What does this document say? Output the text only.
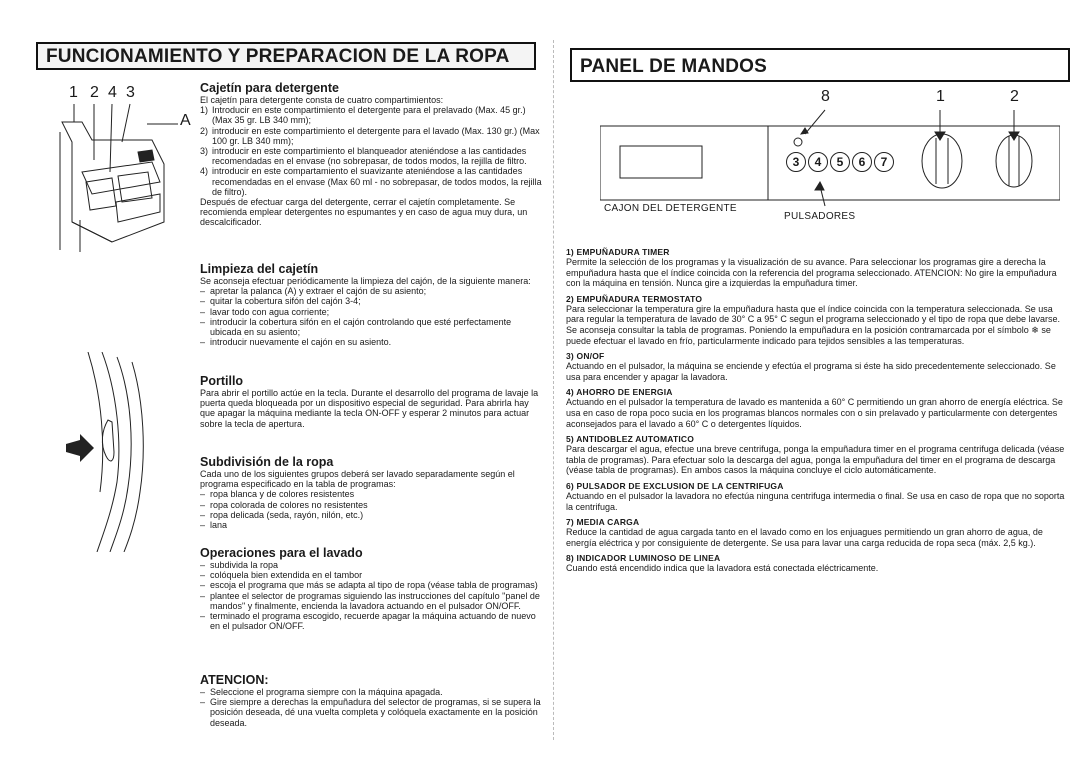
FUNCIONAMIENTO Y PREPARACION DE LA ROPA
1 2 4 3
A
Cajetín para detergente
El cajetín para detergente consta de cuatro compartimientos:
1) Introducir en este compartimiento el detergente para el prelavado (Max. 45 gr.) (Max 35 gr. LB 340 mm);
2) introducir en este compartimiento el detergente para el lavado (Max. 130 gr.) (Max 100 gr. LB 340 mm);
3) introducir en este compartimiento el blanqueador ateniéndose a las cantidades recomendadas en el envase (no sobrepasar, de todos modos, la rejilla de filtro.
4) introducir en este compartamiento el suavizante ateniéndose a las cantidades recomendadas en el envase (Max 60 ml - no sobrepasar, de todos modos, la rejilla de filtro).
Después de efectuar carga del detergente, cerrar el cajetín completamente. Se recomienda emplear detergentes no espumantes y en caso de agua muy dura, un descalcificador.
Limpieza del cajetín
Se aconseja efectuar periódicamente la limpieza del cajón, de la siguiente manera:
– apretar la palanca (A) y extraer el cajón de su asiento;
– quitar la cobertura sifón del cajón 3-4;
– lavar todo con agua corriente;
– introducir la cobertura sifón en el cajón controlando que esté perfectamente ubicada en su asiento;
– introducir nuevamente el cajón en su asiento.
Portillo
Para abrir el portillo actúe en la tecla. Durante el desarrollo del programa de lavaje la puerta queda bloqueada por un dispositivo especial de seguridad. Para abrirla hay que apagar la máquina mediante la tecla ON-OFF y esperar 2 minutos para actuar sobre la tecla de apertura.
Subdivisión de la ropa
Cada uno de los siguientes grupos deberá ser lavado separadamente según el programa especificado en la tabla de programas:
– ropa blanca y de colores resistentes
– ropa colorada de colores no resistentes
– ropa delicada (seda, rayón, nilón, etc.)
– lana
Operaciones para el lavado
– subdivida la ropa
– colóquela bien extendida en el tambor
– escoja el programa que más se adapta al tipo de ropa (véase tabla de programas)
– plantee el selector de programas siguiendo las instrucciones del capítulo "panel de mandos" y finalmente, encienda la lavadora actuando en el pulsador ON/OFF.
– terminado el programa escogido, recuerde apagar la máquina actuando de nuevo en el pulsador ON/OFF.
ATENCION:
– Seleccione el programa siempre con la máquina apagada.
– Gire siempre a derechas la empuñadura del selector de programas, si se supera la posición deseada, dé una vuelta completa y colóquela exactamente en la posición deseada.
PANEL DE MANDOS
8	1	2
3	4	5	6	7
CAJON DEL DETERGENTE
PULSADORES
1) EMPUÑADURA TIMER
Permite la selección de los programas y la visualización de su avance. Para seleccionar los programas gire a derecha la empuñadura hasta que el índice coincida con la referencia del programa seleccionado. ATENCION: No gire la empuñadura con la máquina en tensión. Nunca gire a izquierdas la empuñadura timer.
2) EMPUÑADURA TERMOSTATO
Para seleccionar la temperatura gire la empuñadura hasta que el índice coincida con la temperatura seleccionada. Se usa para regular la temperatura de lavado de 30° C a 95° C segun el programa seleccionado y el tipo de ropa que debe lavarse. Se aconseja consultar la tabla de programas. Poniendo la empuñadura en la posición contramarcada por el símbolo ❄ se puede efectuar el lavado en frío, particularmente indicado para tejidos sensibles a las temperaturas.
3) ON/OF
Actuando en el pulsador, la máquina se enciende y efectúa el programa si éste ha sido precedentemente seleccionado. Se usa para encender y apagar la lavadora.
4) AHORRO DE ENERGIA
Actuando en el pulsador la temperatura de lavado es mantenida a 60° C permitiendo un gran ahorro de energía eléctrica. Se usa en caso de ropa poco sucia en los programas blancos normales con o sin prelavado y particularmente con detergentes aconsejados para el lavado a 60° C o detergentes líquidos.
5) ANTIDOBLEZ AUTOMATICO
Para descargar el agua, efectue una breve centrifuga, ponga la empuñadura timer en el programa centrifuga delicada (véase tabla de programas). Para efectuar solo la descarga del agua, ponga la empuñadura del timer en el programa de descarga (véase tabla de programas). En ambos casos la máquina concluye el ciclo automáticamente.
6) PULSADOR DE EXCLUSION DE LA CENTRIFUGA
Actuando en el pulsador la lavadora no efectúa ninguna centrifuga intermedia o final. Se usa en caso de ropa que no soporta la centrifuga.
7) MEDIA CARGA
Reduce la cantidad de agua cargada tanto en el lavado como en los enjuagues permitiendo un gran ahorro de agua, de energía eléctrica y por consiguiente de detergente. Se usa para lavar una carga reducida de ropa seca (máx. 2,5 kg.).
8) INDICADOR LUMINOSO DE LINEA
Cuando está encendido indica que la lavadora está conectada eléctricamente.
